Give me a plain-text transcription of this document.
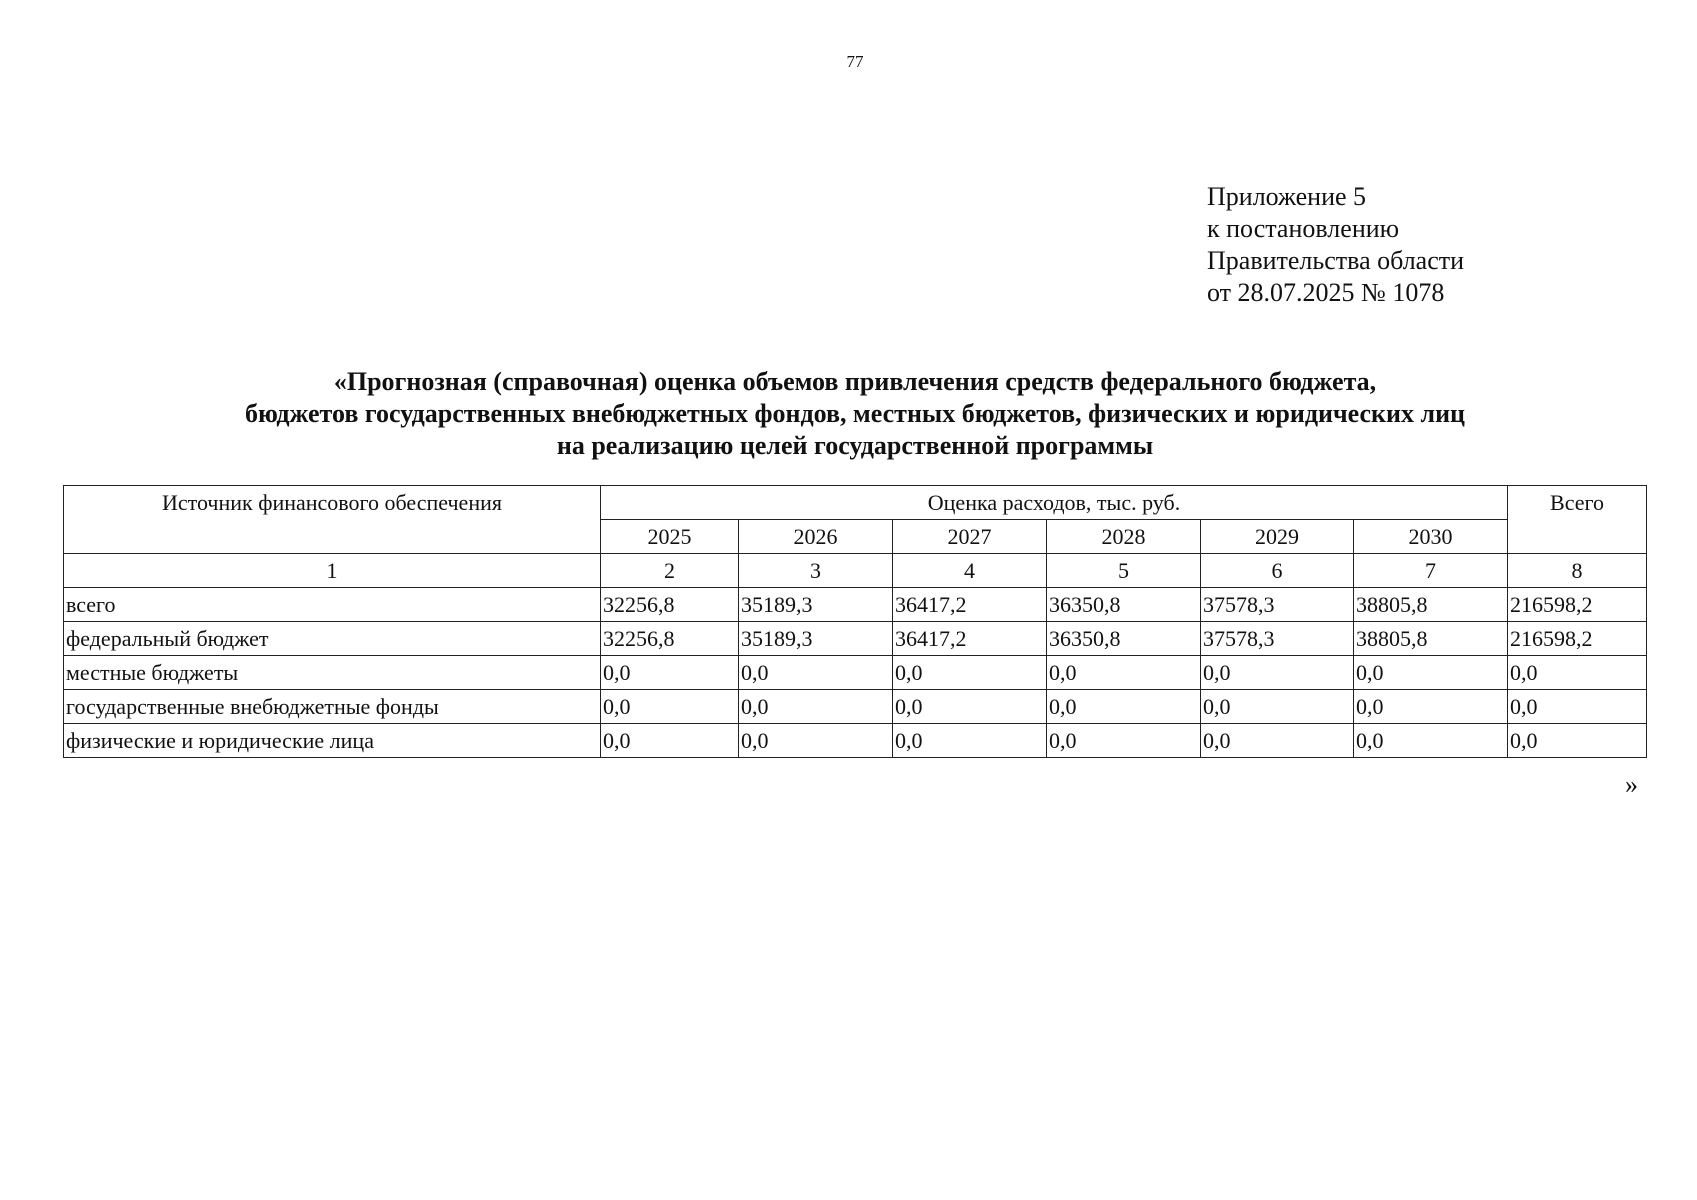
77
Приложение 5
к постановлению
Правительства области
от 28.07.2025 № 1078
«Прогнозная (справочная) оценка объемов привлечения средств федерального бюджета,
бюджетов государственных внебюджетных фондов, местных бюджетов, физических и юридических лиц
на реализацию целей государственной программы
Источник финансового обеспечения	Оценка расходов, тыс. руб.						Всего
	2025	2026	2027	2028	2029	2030	
1	2	3	4	5	6	7	8
всего	32256,8	35189,3	36417,2	36350,8	37578,3	38805,8	216598,2
федеральный бюджет	32256,8	35189,3	36417,2	36350,8	37578,3	38805,8	216598,2
местные бюджеты	0,0	0,0	0,0	0,0	0,0	0,0	0,0
государственные внебюджетные фонды	0,0	0,0	0,0	0,0	0,0	0,0	0,0
физические и юридические лица	0,0	0,0	0,0	0,0	0,0	0,0	0,0
»
